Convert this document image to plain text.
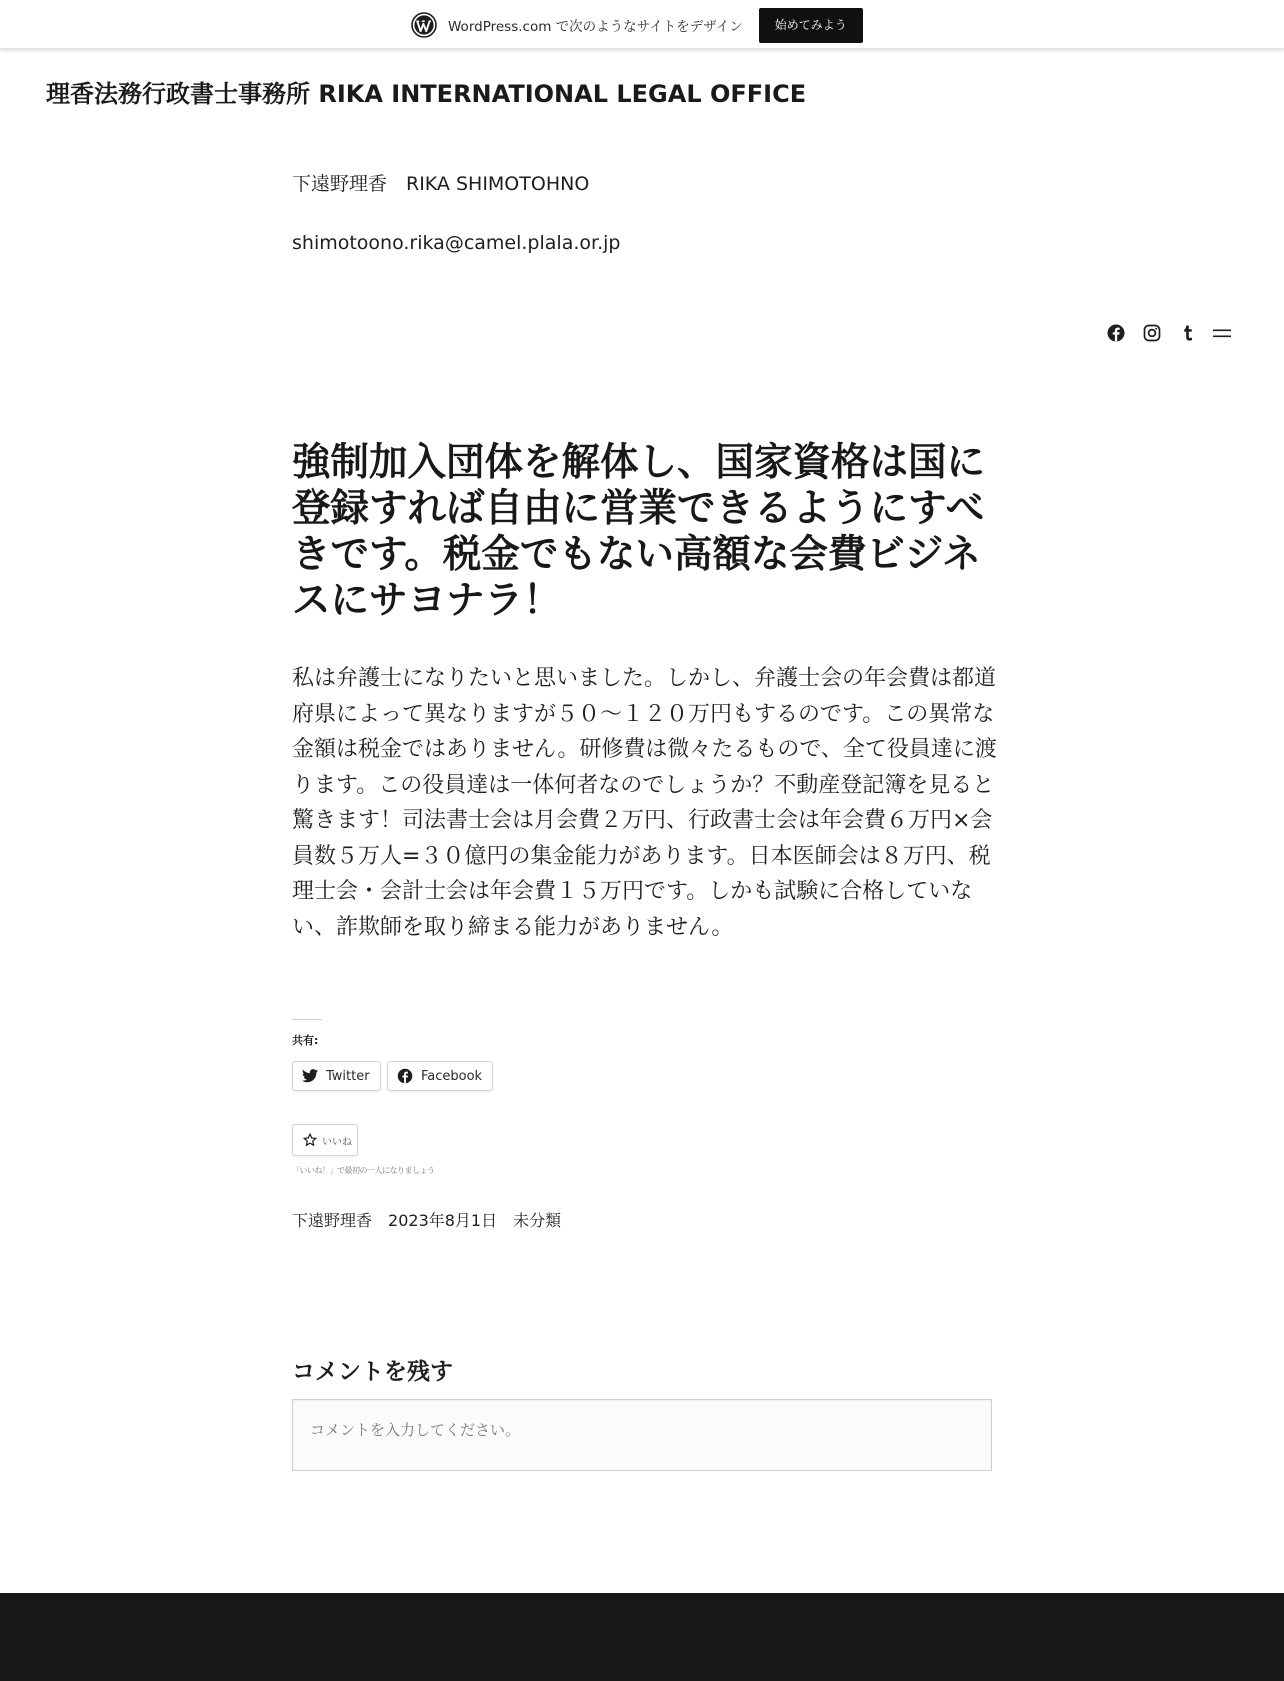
WordPress.com で次のようなサイトをデザイン	始めてみよう
理香法務行政書士事務所 RIKA INTERNATIONAL LEGAL OFFICE
下遠野理香　RIKA SHIMOTOHNO
shimotoono.rika@camel.plala.or.jp
強制加入団体を解体し、国家資格は国に登録すれば自由に営業できるようにすべきです。税金でもない高額な会費ビジネスにサヨナラ！

私は弁護士になりたいと思いました。しかし、弁護士会の年会費は都道府県によって異なりますが５０～１２０万円もするのです。この異常な金額は税金ではありません。研修費は微々たるもので、全て役員達に渡ります。この役員達は一体何者なのでしょうか？不動産登記簿を見ると驚きます！司法書士会は月会費２万円、行政書士会は年会費６万円×会員数５万人=３０億円の集金能力があります。日本医師会は８万円、税理士会・会計士会は年会費１５万円です。しかも試験に合格していない、詐欺師を取り締まる能力がありません。

共有:
Twitter	Facebook
いいね
「いいね！」で最初の一人になりましょう
下遠野理香　 2023年8月1日　 未分類
コメントを残す
コメントを入力してください。
